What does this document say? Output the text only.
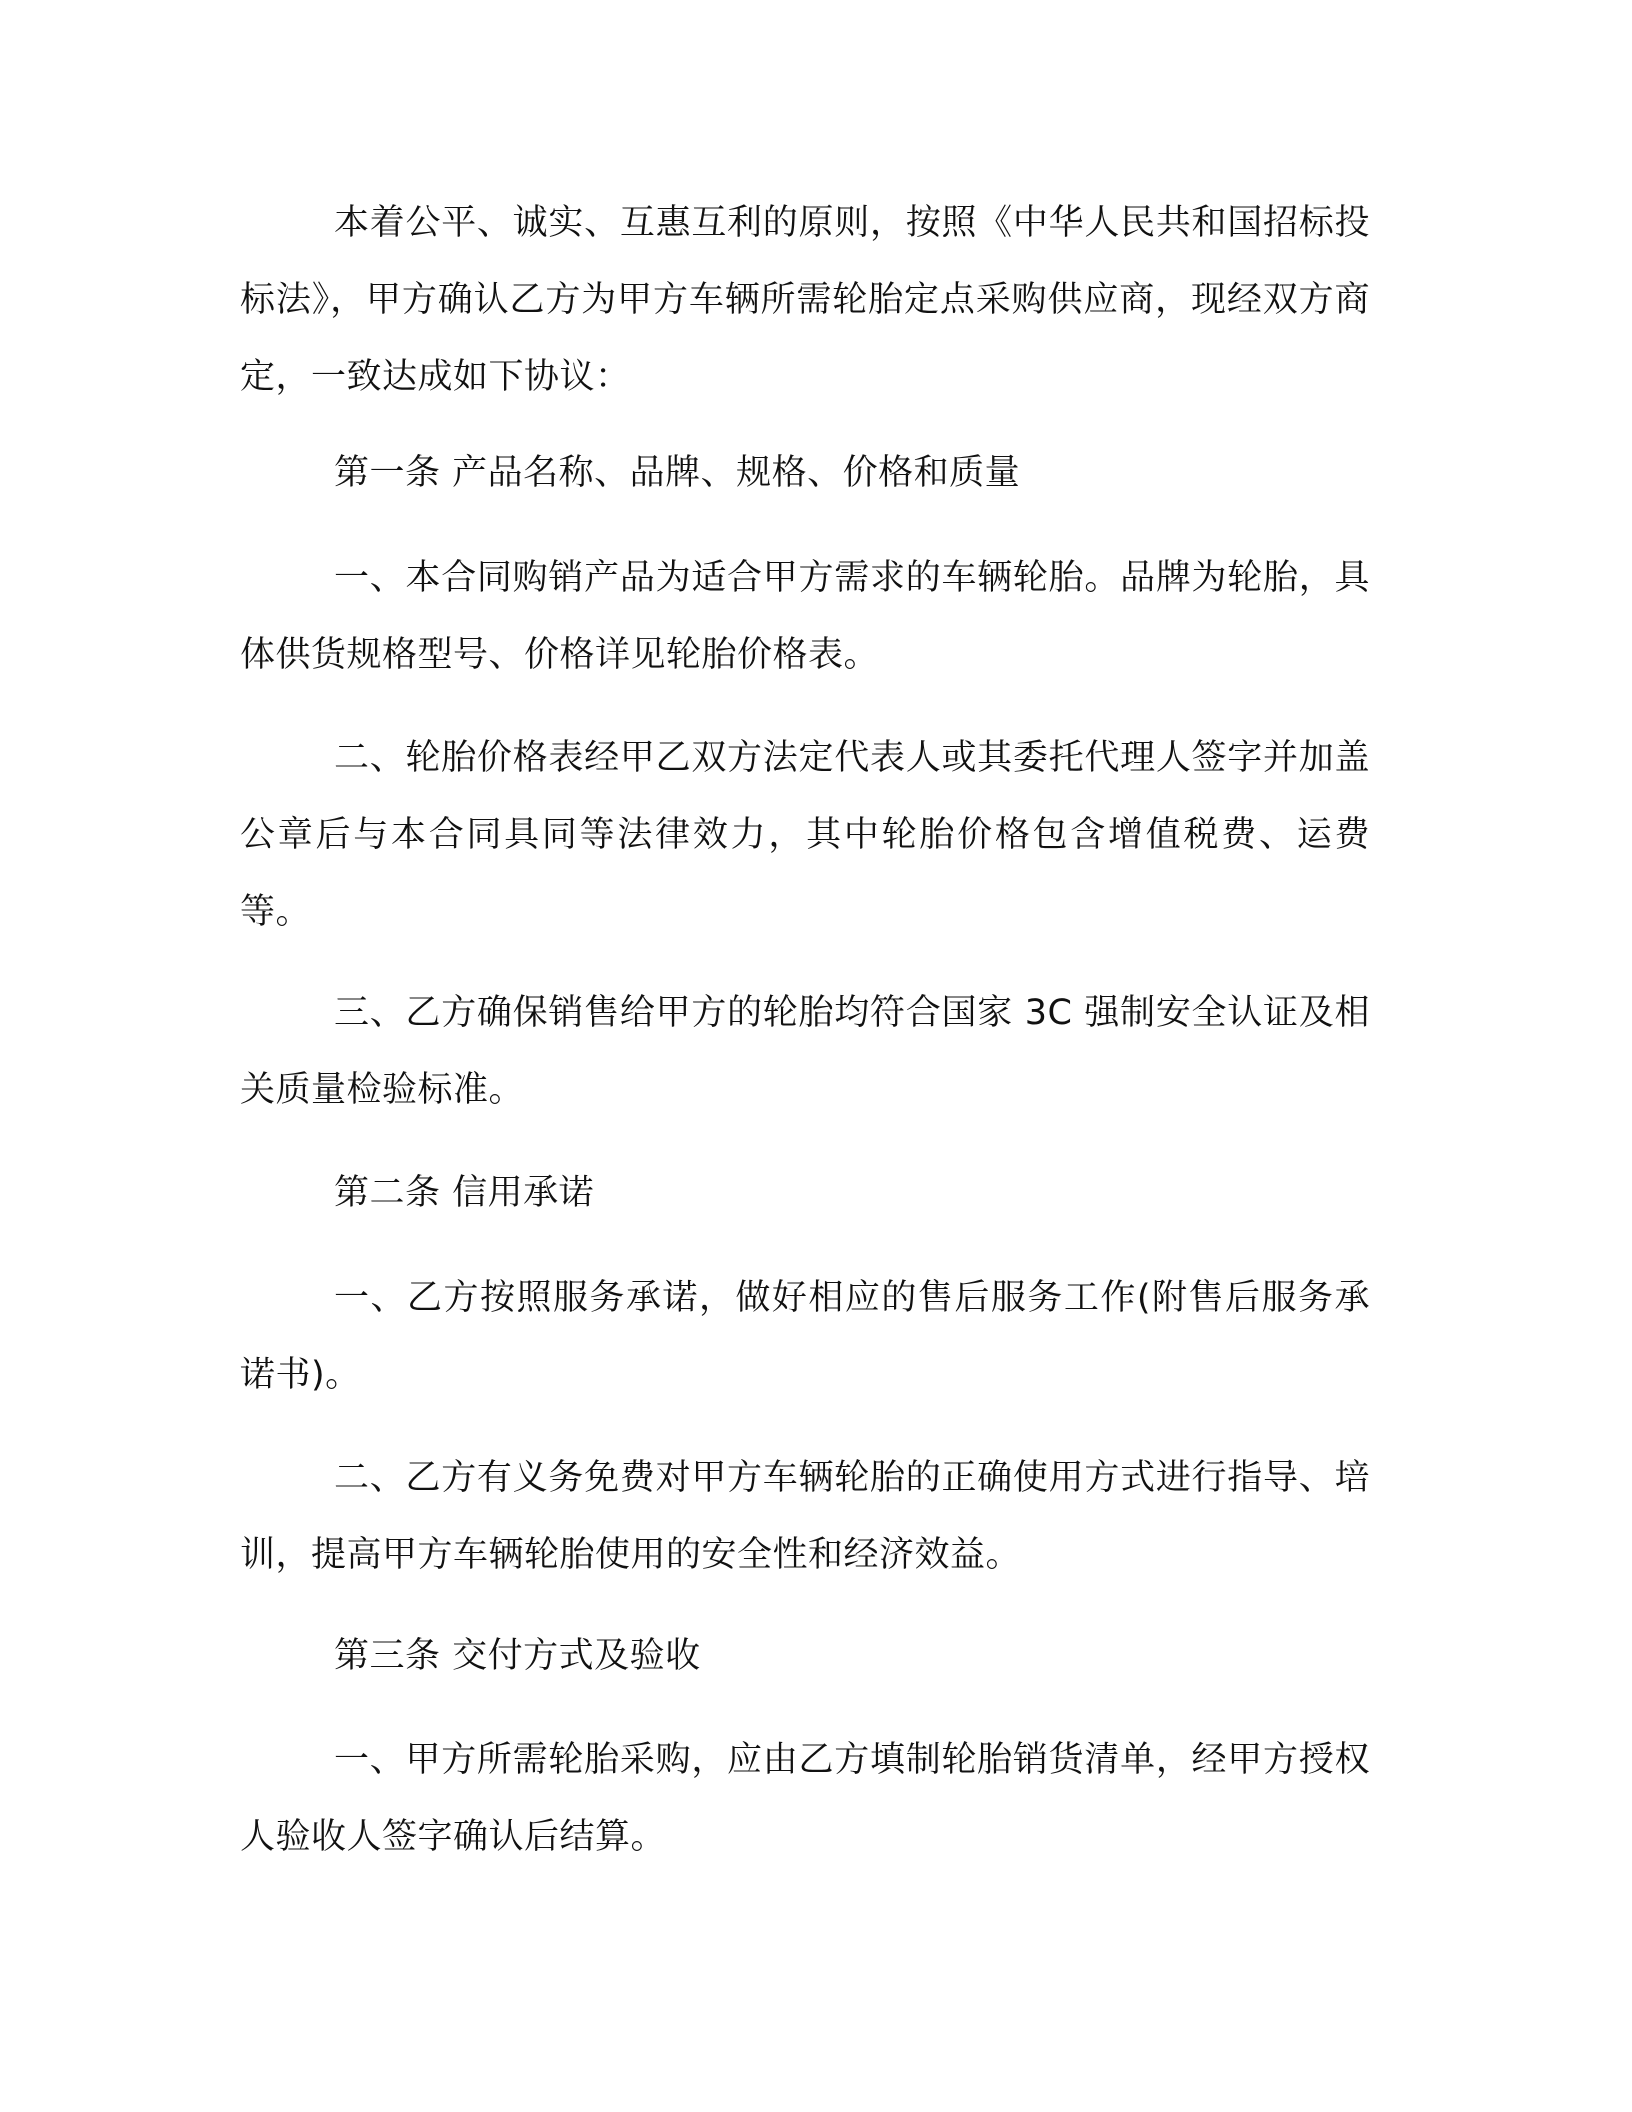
本着公平、诚实、互惠互利的原则，按照《中华人民共和国招标投标法》，甲方确认乙方为甲方车辆所需轮胎定点采购供应商，现经双方商定，一致达成如下协议：

第一条 产品名称、品牌、规格、价格和质量

一、本合同购销产品为适合甲方需求的车辆轮胎。品牌为轮胎，具体供货规格型号、价格详见轮胎价格表。

二、轮胎价格表经甲乙双方法定代表人或其委托代理人签字并加盖公章后与本合同具同等法律效力，其中轮胎价格包含增值税费、运费等。

三、乙方确保销售给甲方的轮胎均符合国家 3C 强制安全认证及相关质量检验标准。

第二条 信用承诺

一、乙方按照服务承诺，做好相应的售后服务工作(附售后服务承诺书)。

二、乙方有义务免费对甲方车辆轮胎的正确使用方式进行指导、培训，提高甲方车辆轮胎使用的安全性和经济效益。

第三条 交付方式及验收

一、甲方所需轮胎采购，应由乙方填制轮胎销货清单，经甲方授权人验收人签字确认后结算。
